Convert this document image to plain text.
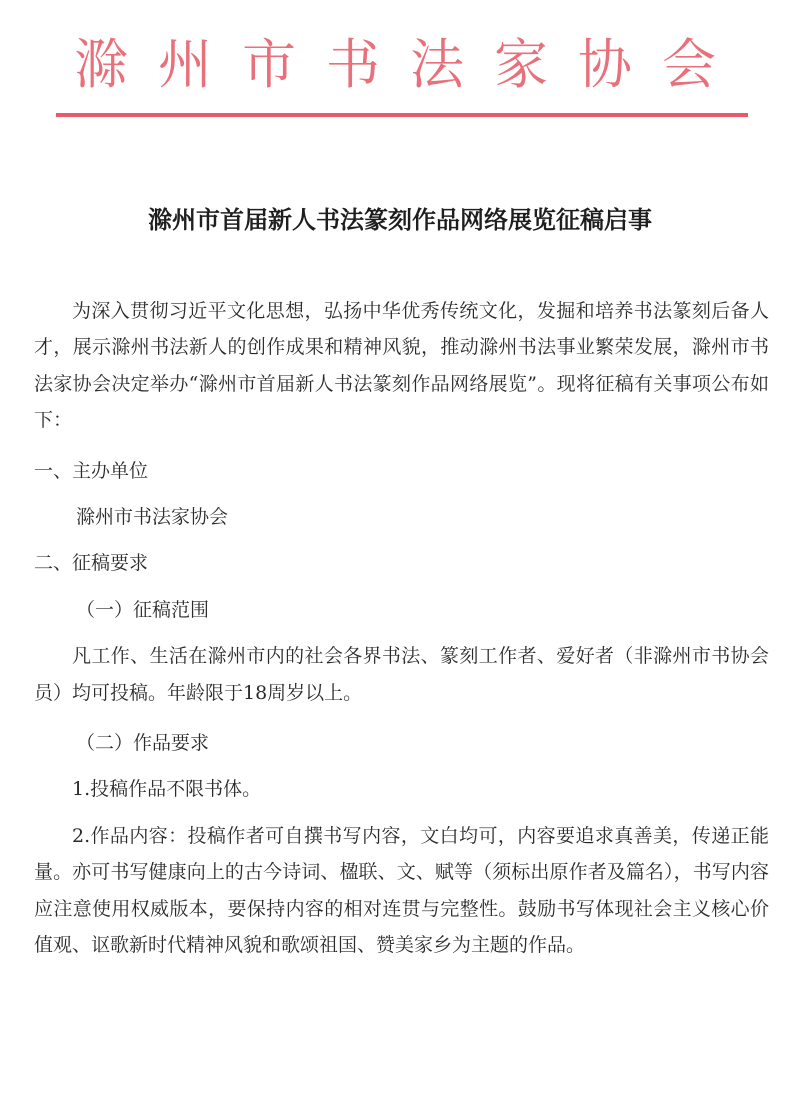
滁州市书法家协会
滁州市首届新人书法篆刻作品网络展览征稿启事

为深入贯彻习近平文化思想，弘扬中华优秀传统文化，发掘和培养书法篆刻后备人才，展示滁州书法新人的创作成果和精神风貌，推动滁州书法事业繁荣发展，滁州市书法家协会决定举办“滁州市首届新人书法篆刻作品网络展览”。现将征稿有关事项公布如下：

一、主办单位

滁州市书法家协会

二、征稿要求

（一）征稿范围

凡工作、生活在滁州市内的社会各界书法、篆刻工作者、爱好者（非滁州市书协会员）均可投稿。年龄限于18周岁以上。

（二）作品要求

1.投稿作品不限书体。

2.作品内容：投稿作者可自撰书写内容，文白均可，内容要追求真善美，传递正能量。亦可书写健康向上的古今诗词、楹联、文、赋等（须标出原作者及篇名），书写内容应注意使用权威版本，要保持内容的相对连贯与完整性。鼓励书写体现社会主义核心价值观、讴歌新时代精神风貌和歌颂祖国、赞美家乡为主题的作品。
